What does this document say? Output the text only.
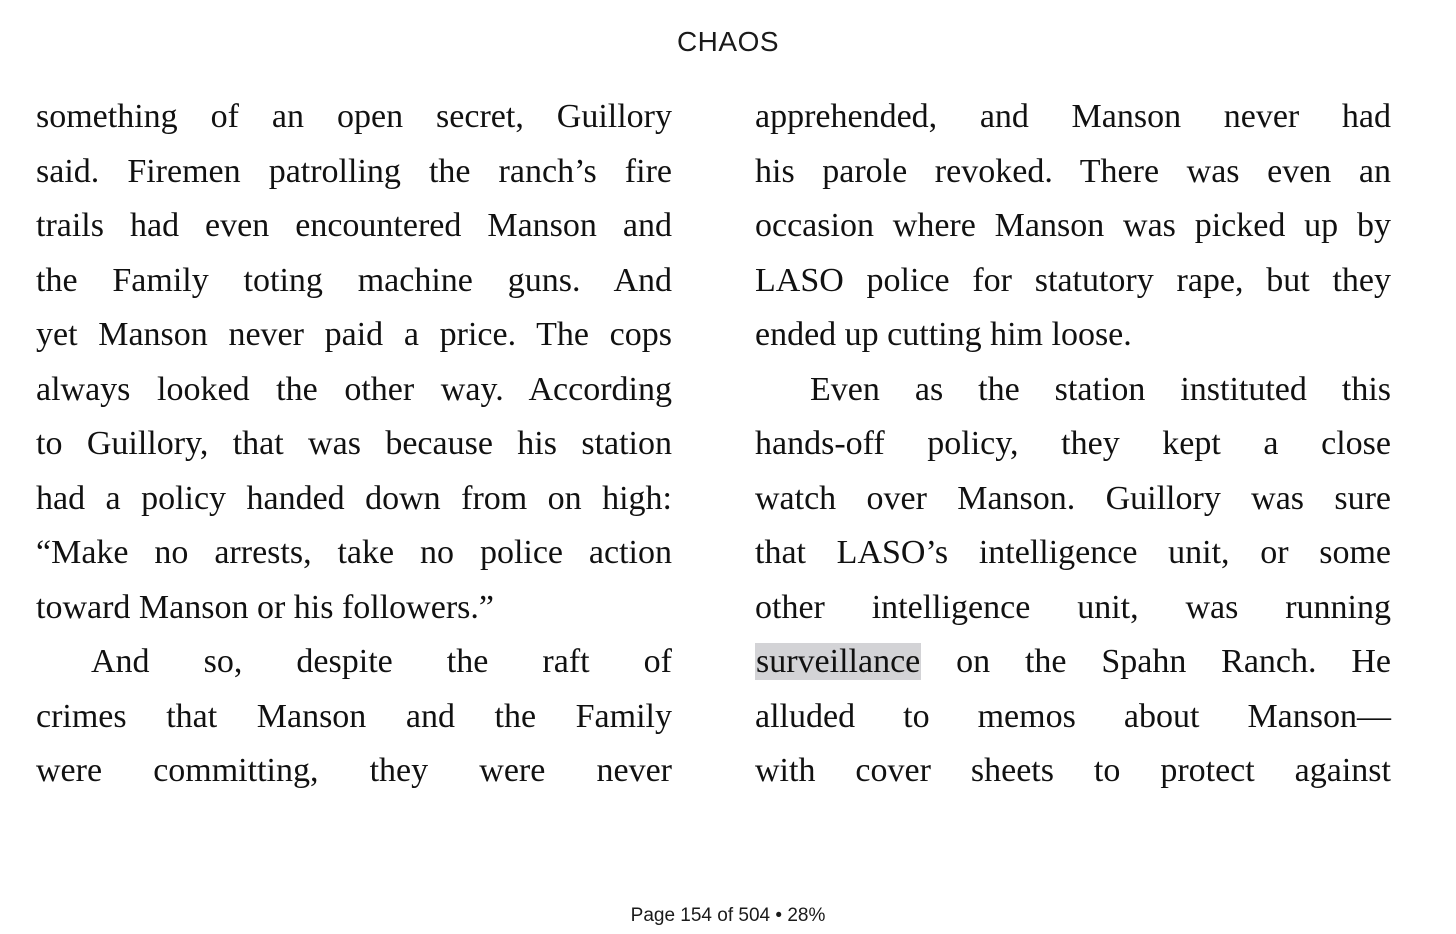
CHAOS
something of an open secret, Guillory
said. Firemen patrolling the ranch’s fire
trails had even encountered Manson and
the Family toting machine guns. And
yet Manson never paid a price. The cops
always looked the other way. According
to Guillory, that was because his station
had a policy handed down from on high:
“Make no arrests, take no police action
toward Manson or his followers.”
And so, despite the raft of
crimes that Manson and the Family
were committing, they were never
apprehended, and Manson never had
his parole revoked. There was even an
occasion where Manson was picked up by
LASO police for statutory rape, but they
ended up cutting him loose.
Even as the station instituted this
hands-off policy, they kept a close
watch over Manson. Guillory was sure
that LASO’s intelligence unit, or some
other intelligence unit, was running
surveillance on the Spahn Ranch. He
alluded to memos about Manson—
with cover sheets to protect against
Page 154 of 504 • 28%
